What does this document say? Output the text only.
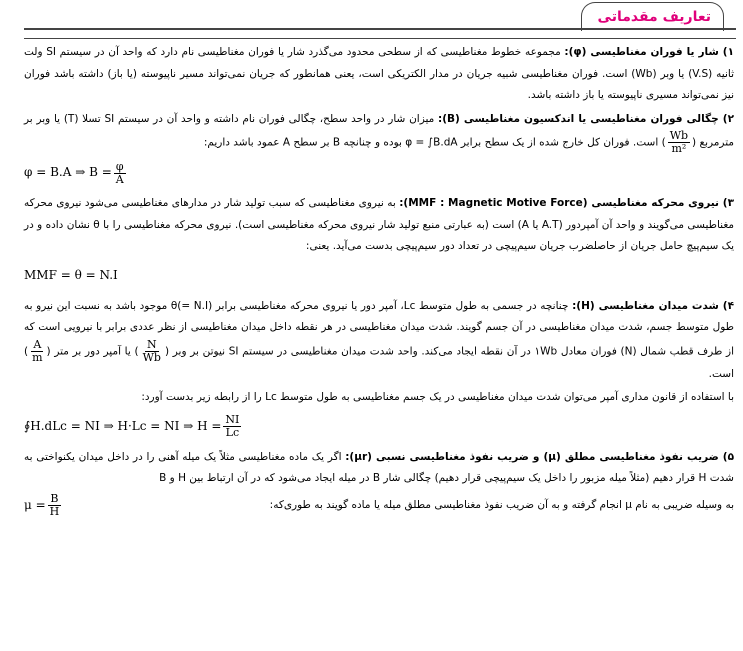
تعاریف مقدماتی
۱) شار یا فوران مغناطیسی (φ): مجموعه خطوط مغناطیسی که از سطحی محدود می‌گذرد شار یا فوران مغناطیسی نام دارد که واحد آن در سیستم SI ولت ثانیه (V.S) یا وبر (Wb) است. فوران مغناطیسی شبیه جریان در مدار الکتریکی است، یعنی همانطور که جریان نمی‌تواند مسیر ناپیوسته (یا باز) داشته باشد فوران نیز نمی‌تواند مسیری ناپیوسته یا باز داشته باشد.
۲) چگالی فوران مغناطیسی یا اندکسیون مغناطیسی (B): میزان شار در واحد سطح، چگالی فوران نام داشته و واحد آن در سیستم SI تسلا (T) یا وبر بر مترمربع (
$\frac{Wb}{\text{m²}}$
) است. فوران کل خارج شده از یک سطح برابر φ = ∫B.dA بوده و چنانچه B بر سطح A عمود باشد داریم:
φ = B.A ⇒ $B = \frac{\varphi}{A}$
۳) نیروی محرکه مغناطیسی (MMF : Magnetic Motive Force): به نیروی مغناطیسی که سبب تولید شار در مدارهای مغناطیسی می‌شود نیروی محرکه مغناطیسی می‌گویند و واحد آن آمپردور (A.T یا A) است (به عبارتی منبع تولید شار نیروی محرکه مغناطیسی است). نیروی محرکه مغناطیسی را با θ نشان داده و در یک سیم‌پیچ حامل جریان از حاصلضرب جریان سیم‌پیچی در تعداد دور سیم‌پیچی بدست می‌آید. یعنی:
MMF = θ = N.I
۴) شدت میدان مغناطیسی (H): چنانچه در جسمی به طول متوسط Lc، آمپر دور یا نیروی محرکه مغناطیسی برابر (θ(= N.I موجود باشد به نسبت این نیرو به طول متوسط جسم، شدت میدان مغناطیسی در آن جسم گویند. شدت میدان مغناطیسی در هر نقطه داخل میدان مغناطیسی از نظر عددی برابر با نیرویی است که از طرف قطب شمال (N) فوران معادل ۱Wb در آن نقطه ایجاد می‌کند. واحد شدت میدان مغناطیسی در سیستم SI نیوتن بر وبر (
$\frac{N}{Wb}$
) یا آمپر دور بر متر (
$\frac{A}{m}$
) است.
با استفاده از قانون مداری آمپر می‌توان شدت میدان مغناطیسی در یک جسم مغناطیسی به طول متوسط Lc را از رابطه زیر بدست آورد:
∮H.dLc = NI ⇒ H·Lc = NI ⇒ $H = \frac{NI}{Lc}$
۵) ضریب نفوذ مغناطیسی مطلق (μ) و ضریب نفوذ مغناطیسی نسبی (μr): اگر یک ماده مغناطیسی مثلاً یک میله آهنی را در داخل میدان یکنواختی به شدت H قرار دهیم (مثلاً میله مزبور را داخل یک سیم‌پیچی قرار دهیم) چگالی شار B در میله ایجاد می‌شود که در آن ارتباط بین H و B
به وسیله ضریبی به نام μ انجام گرفته و به آن ضریب نفوذ مغناطیسی مطلق میله یا ماده گویند به طوری‌که:
$\mu = \frac{B}{H}$
